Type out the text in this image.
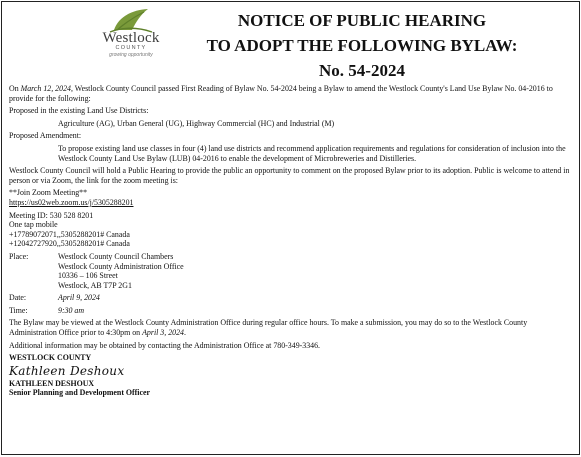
Westlock
COUNTY
growing opportunity
NOTICE OF PUBLIC HEARING
TO ADOPT THE FOLLOWING BYLAW:
No. 54-2024

On March 12, 2024, Westlock County Council passed First Reading of Bylaw No. 54-2024 being a Bylaw to amend the Westlock County's Land Use Bylaw No. 04-2016 to provide for the following:

Proposed in the existing Land Use Districts:

Agriculture (AG), Urban General (UG), Highway Commercial (HC) and Industrial (M)

Proposed Amendment:

To propose existing land use classes in four (4) land use districts and recommend application requirements and regulations for consideration of inclusion into the Westlock County Land Use Bylaw (LUB) 04-2016 to enable the development of Microbreweries and Distilleries.

Westlock County Council will hold a Public Hearing to provide the public an opportunity to comment on the proposed Bylaw prior to its adoption. Public is welcome to attend in person or via Zoom, the link for the zoom meeting is:

**Join Zoom Meeting**

https://us02web.zoom.us/j/5305288201

Meeting ID: 530 528 8201

One tap mobile

+17789072071,,5305288201# Canada

+12042727920,,5305288201# Canada

Place:	Westlock County Council Chambers

Westlock County Administration Office

10336 – 106 Street

Westlock, AB T7P 2G1

Date:	April 9, 2024
Time:	9:30 am

The Bylaw may be viewed at the Westlock County Administration Office during regular office hours. To make a submission, you may do so to the Westlock County Administration Office prior to 4:30pm on April 3, 2024.

Additional information may be obtained by contacting the Administration Office at 780-349-3346.

WESTLOCK COUNTY

Kathleen Deshoux

KATHLEEN DESHOUX

Senior Planning and Development Officer
